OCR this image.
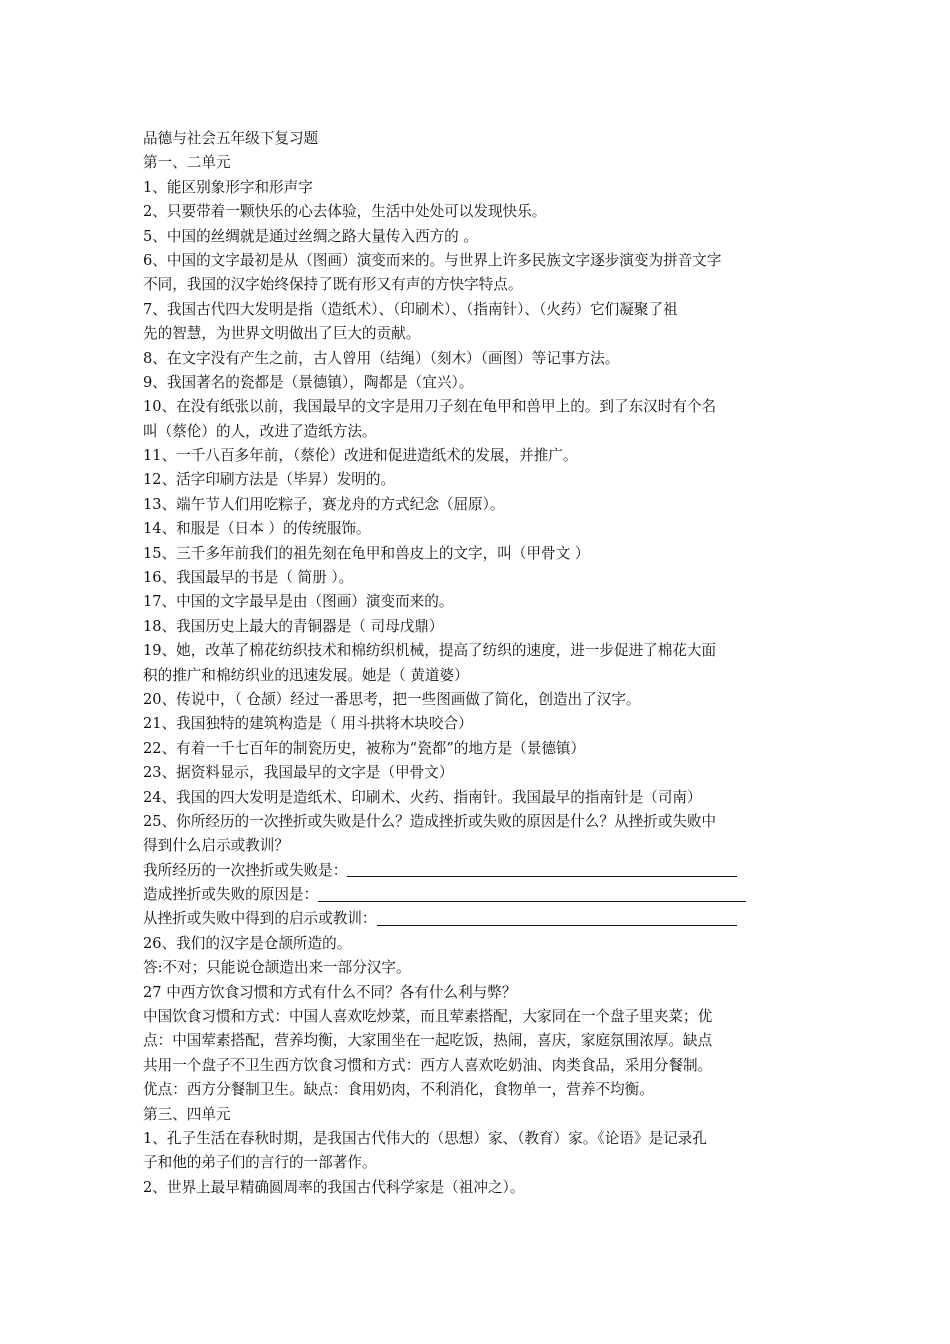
品德与社会五年级下复习题
第一、二单元
1、能区别象形字和形声字
2、只要带着一颗快乐的心去体验，生活中处处可以发现快乐。
5、中国的丝绸就是通过丝绸之路大量传入西方的 。
6、中国的文字最初是从（图画）演变而来的。与世界上许多民族文字逐步演变为拼音文字
不同，我国的汉字始终保持了既有形又有声的方快字特点。
7、我国古代四大发明是指（造纸术）、（印刷术）、（指南针）、（火药）它们凝聚了祖
先的智慧，为世界文明做出了巨大的贡献。
8、在文字没有产生之前，古人曾用（结绳）（刻木）（画图）等记事方法。
9、我国著名的瓷都是（景德镇），陶都是（宜兴）。
10、在没有纸张以前，我国最早的文字是用刀子刻在龟甲和兽甲上的。到了东汉时有个名
叫（蔡伦）的人，改进了造纸方法。
11、一千八百多年前，（蔡伦）改进和促进造纸术的发展，并推广。
12、活字印刷方法是（毕昇）发明的。
13、端午节人们用吃粽子，赛龙舟的方式纪念（屈原）。
14、和服是（日本 ）的传统服饰。
15、三千多年前我们的祖先刻在龟甲和兽皮上的文字，叫（甲骨文 ）
16、我国最早的书是（ 简册 ）。
17、中国的文字最早是由（图画）演变而来的。
18、我国历史上最大的青铜器是（ 司母戊鼎）
19、她，改革了棉花纺织技术和棉纺织机械，提高了纺织的速度，进一步促进了棉花大面
积的推广和棉纺织业的迅速发展。她是（ 黄道婆）
20、传说中，（ 仓颉）经过一番思考，把一些图画做了简化，创造出了汉字。
21、我国独特的建筑构造是（ 用斗拱将木块咬合）
22、有着一千七百年的制瓷历史，被称为“瓷都”的地方是（景德镇）
23、据资料显示，我国最早的文字是（甲骨文）
24、我国的四大发明是造纸术、印刷术、火药、指南针。我国最早的指南针是（司南）
25、你所经历的一次挫折或失败是什么？造成挫折或失败的原因是什么？从挫折或失败中
得到什么启示或教训？
我所经历的一次挫折或失败是：
造成挫折或失败的原因是：
从挫折或失败中得到的启示或教训：
26、我们的汉字是仓颉所造的。
答:不对；只能说仓颉造出来一部分汉字。
27 中西方饮食习惯和方式有什么不同？各有什么利与弊？
中国饮食习惯和方式：中国人喜欢吃炒菜，而且荤素搭配，大家同在一个盘子里夹菜；优
点：中国荤素搭配，营养均衡，大家围坐在一起吃饭，热闹，喜庆，家庭氛围浓厚。缺点
共用一个盘子不卫生西方饮食习惯和方式：西方人喜欢吃奶油、肉类食品，采用分餐制。
优点：西方分餐制卫生。缺点：食用奶肉，不利消化，食物单一，营养不均衡。
第三、四单元
1、孔子生活在春秋时期，是我国古代伟大的（思想）家、（教育）家。《论语》是记录孔
子和他的弟子们的言行的一部著作。
2、世界上最早精确圆周率的我国古代科学家是（祖冲之）。
